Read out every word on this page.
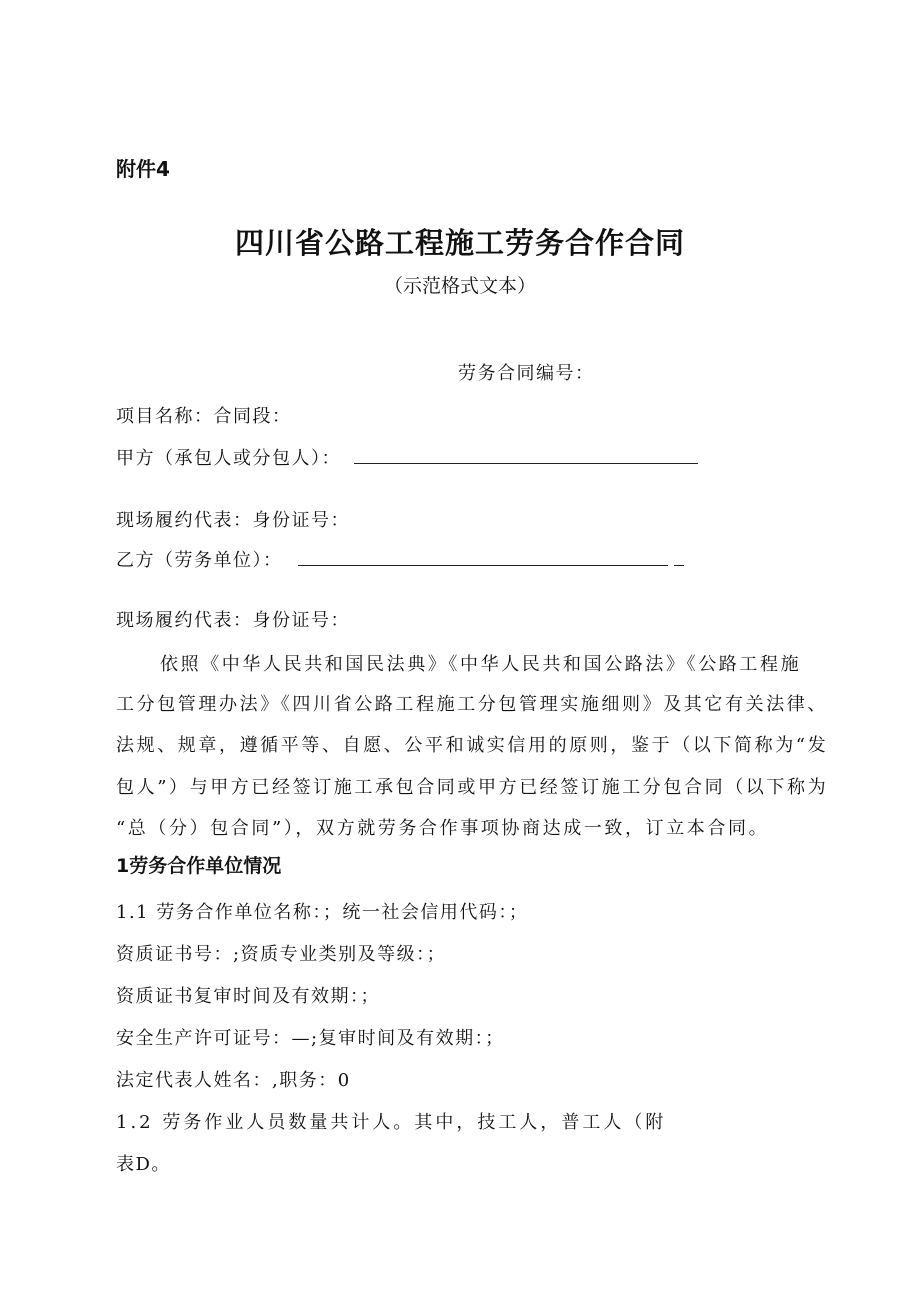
附件4
四川省公路工程施工劳务合作合同
（示范格式文本）
劳务合同编号：
项目名称：合同段：
甲方（承包人或分包人）：
现场履约代表：身份证号：
乙方（劳务单位）：
现场履约代表：身份证号：
依照《中华人民共和国民法典》《中华人民共和国公路法》《公路工程施
工分包管理办法》《四川省公路工程施工分包管理实施细则》及其它有关法律、
法规、规章，遵循平等、自愿、公平和诚实信用的原则，鉴于（以下简称为“发
包人”）与甲方已经签订施工承包合同或甲方已经签订施工分包合同（以下称为
“总（分）包合同”），双方就劳务合作事项协商达成一致，订立本合同。
1劳务合作单位情况
1.1 劳务合作单位名称：；统一社会信用代码：；
资质证书号：;资质专业类别及等级：；
资质证书复审时间及有效期：；
安全生产许可证号：—;复审时间及有效期：；
法定代表人姓名：,职务：0
1.2 劳务作业人员数量共计人。其中，技工人，普工人（附
表D。
